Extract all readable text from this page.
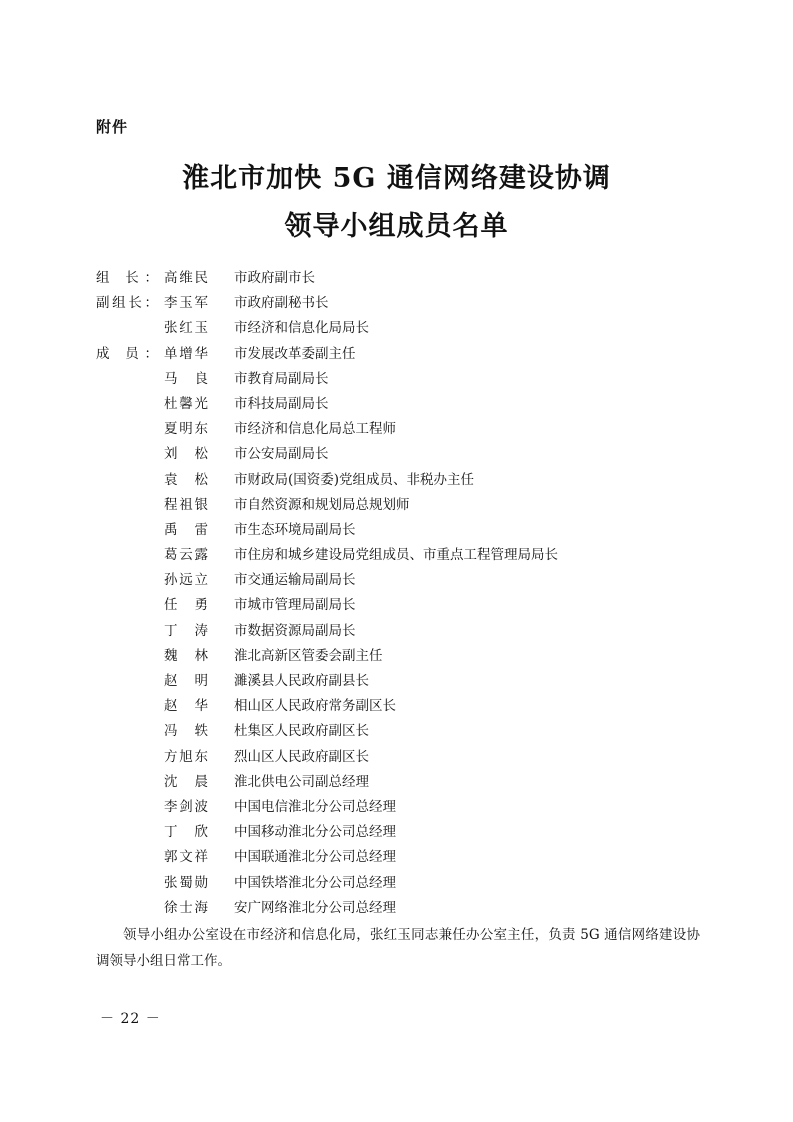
附件
淮北市加快 5G 通信网络建设协调
领导小组成员名单
组 长： 高维民 市政府副市长
副组长： 李玉军 市政府副秘书长
张红玉 市经济和信息化局局长
成 员： 单增华 市发展改革委副主任
马良 市教育局副局长
杜馨光 市科技局副局长
夏明东 市经济和信息化局总工程师
刘松 市公安局副局长
袁松 市财政局(国资委)党组成员、非税办主任
程祖银 市自然资源和规划局总规划师
禹雷 市生态环境局副局长
葛云露 市住房和城乡建设局党组成员、市重点工程管理局局长
孙远立 市交通运输局副局长
任勇 市城市管理局副局长
丁涛 市数据资源局副局长
魏林 淮北高新区管委会副主任
赵明 濉溪县人民政府副县长
赵华 相山区人民政府常务副区长
冯轶 杜集区人民政府副区长
方旭东 烈山区人民政府副区长
沈晨 淮北供电公司副总经理
李剑波 中国电信淮北分公司总经理
丁欣 中国移动淮北分公司总经理
郭文祥 中国联通淮北分公司总经理
张蜀勋 中国铁塔淮北分公司总经理
徐士海 安广网络淮北分公司总经理
领导小组办公室设在市经济和信息化局，张红玉同志兼任办公室主任，负责 5G 通信网络建设协调领导小组日常工作。
－ 22 －
